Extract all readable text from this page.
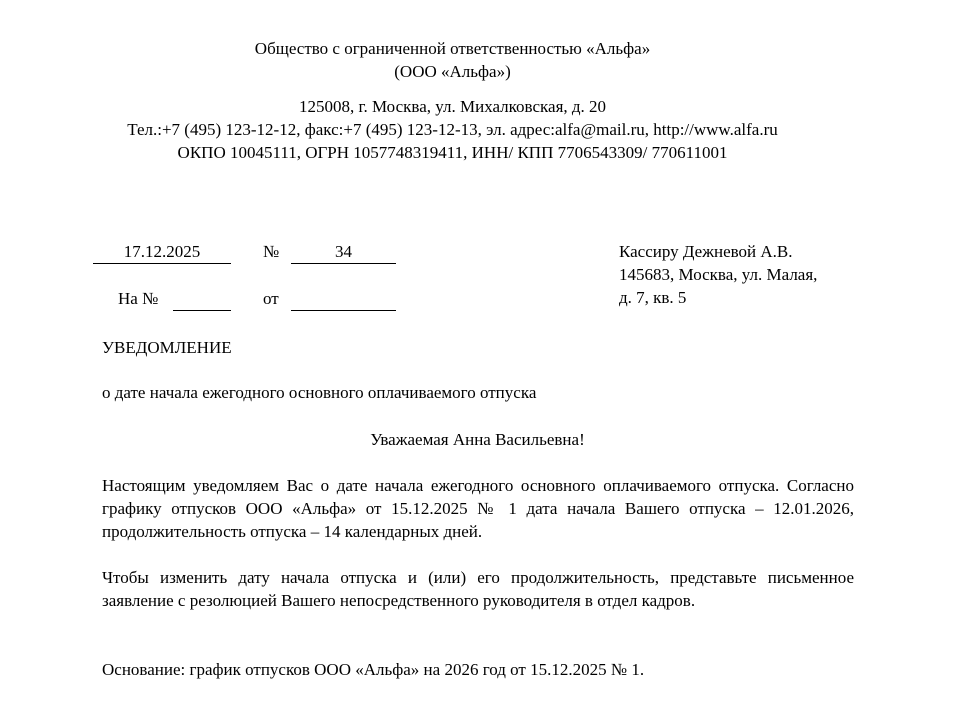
Общество с ограниченной ответственностью «Альфа»
(ООО «Альфа»)
125008, г. Москва, ул. Михалковская, д. 20
Тел.:+7 (495) 123-12-12, факс:+7 (495) 123-12-13, эл. адрес:alfa@mail.ru, http://www.alfa.ru
ОКПО 10045111, ОГРН 1057748319411, ИНН/ КПП 7706543309/ 770611001
17.12.2025	№	34
На №	от
Кассиру Дежневой А.В.
145683, Москва, ул. Малая,
д. 7, кв. 5
УВЕДОМЛЕНИЕ
о дате начала ежегодного основного оплачиваемого отпуска
Уважаемая Анна Васильевна!
Настоящим уведомляем Вас о дате начала ежегодного основного оплачиваемого отпуска. Согласно графику отпусков ООО «Альфа» от 15.12.2025 № 1 дата начала Вашего отпуска – 12.01.2026, продолжительность отпуска – 14 календарных дней.
Чтобы изменить дату начала отпуска и (или) его продолжительность, представьте письменное заявление с резолюцией Вашего непосредственного руководителя в отдел кадров.
Основание: график отпусков ООО «Альфа» на 2026 год от 15.12.2025 № 1.
